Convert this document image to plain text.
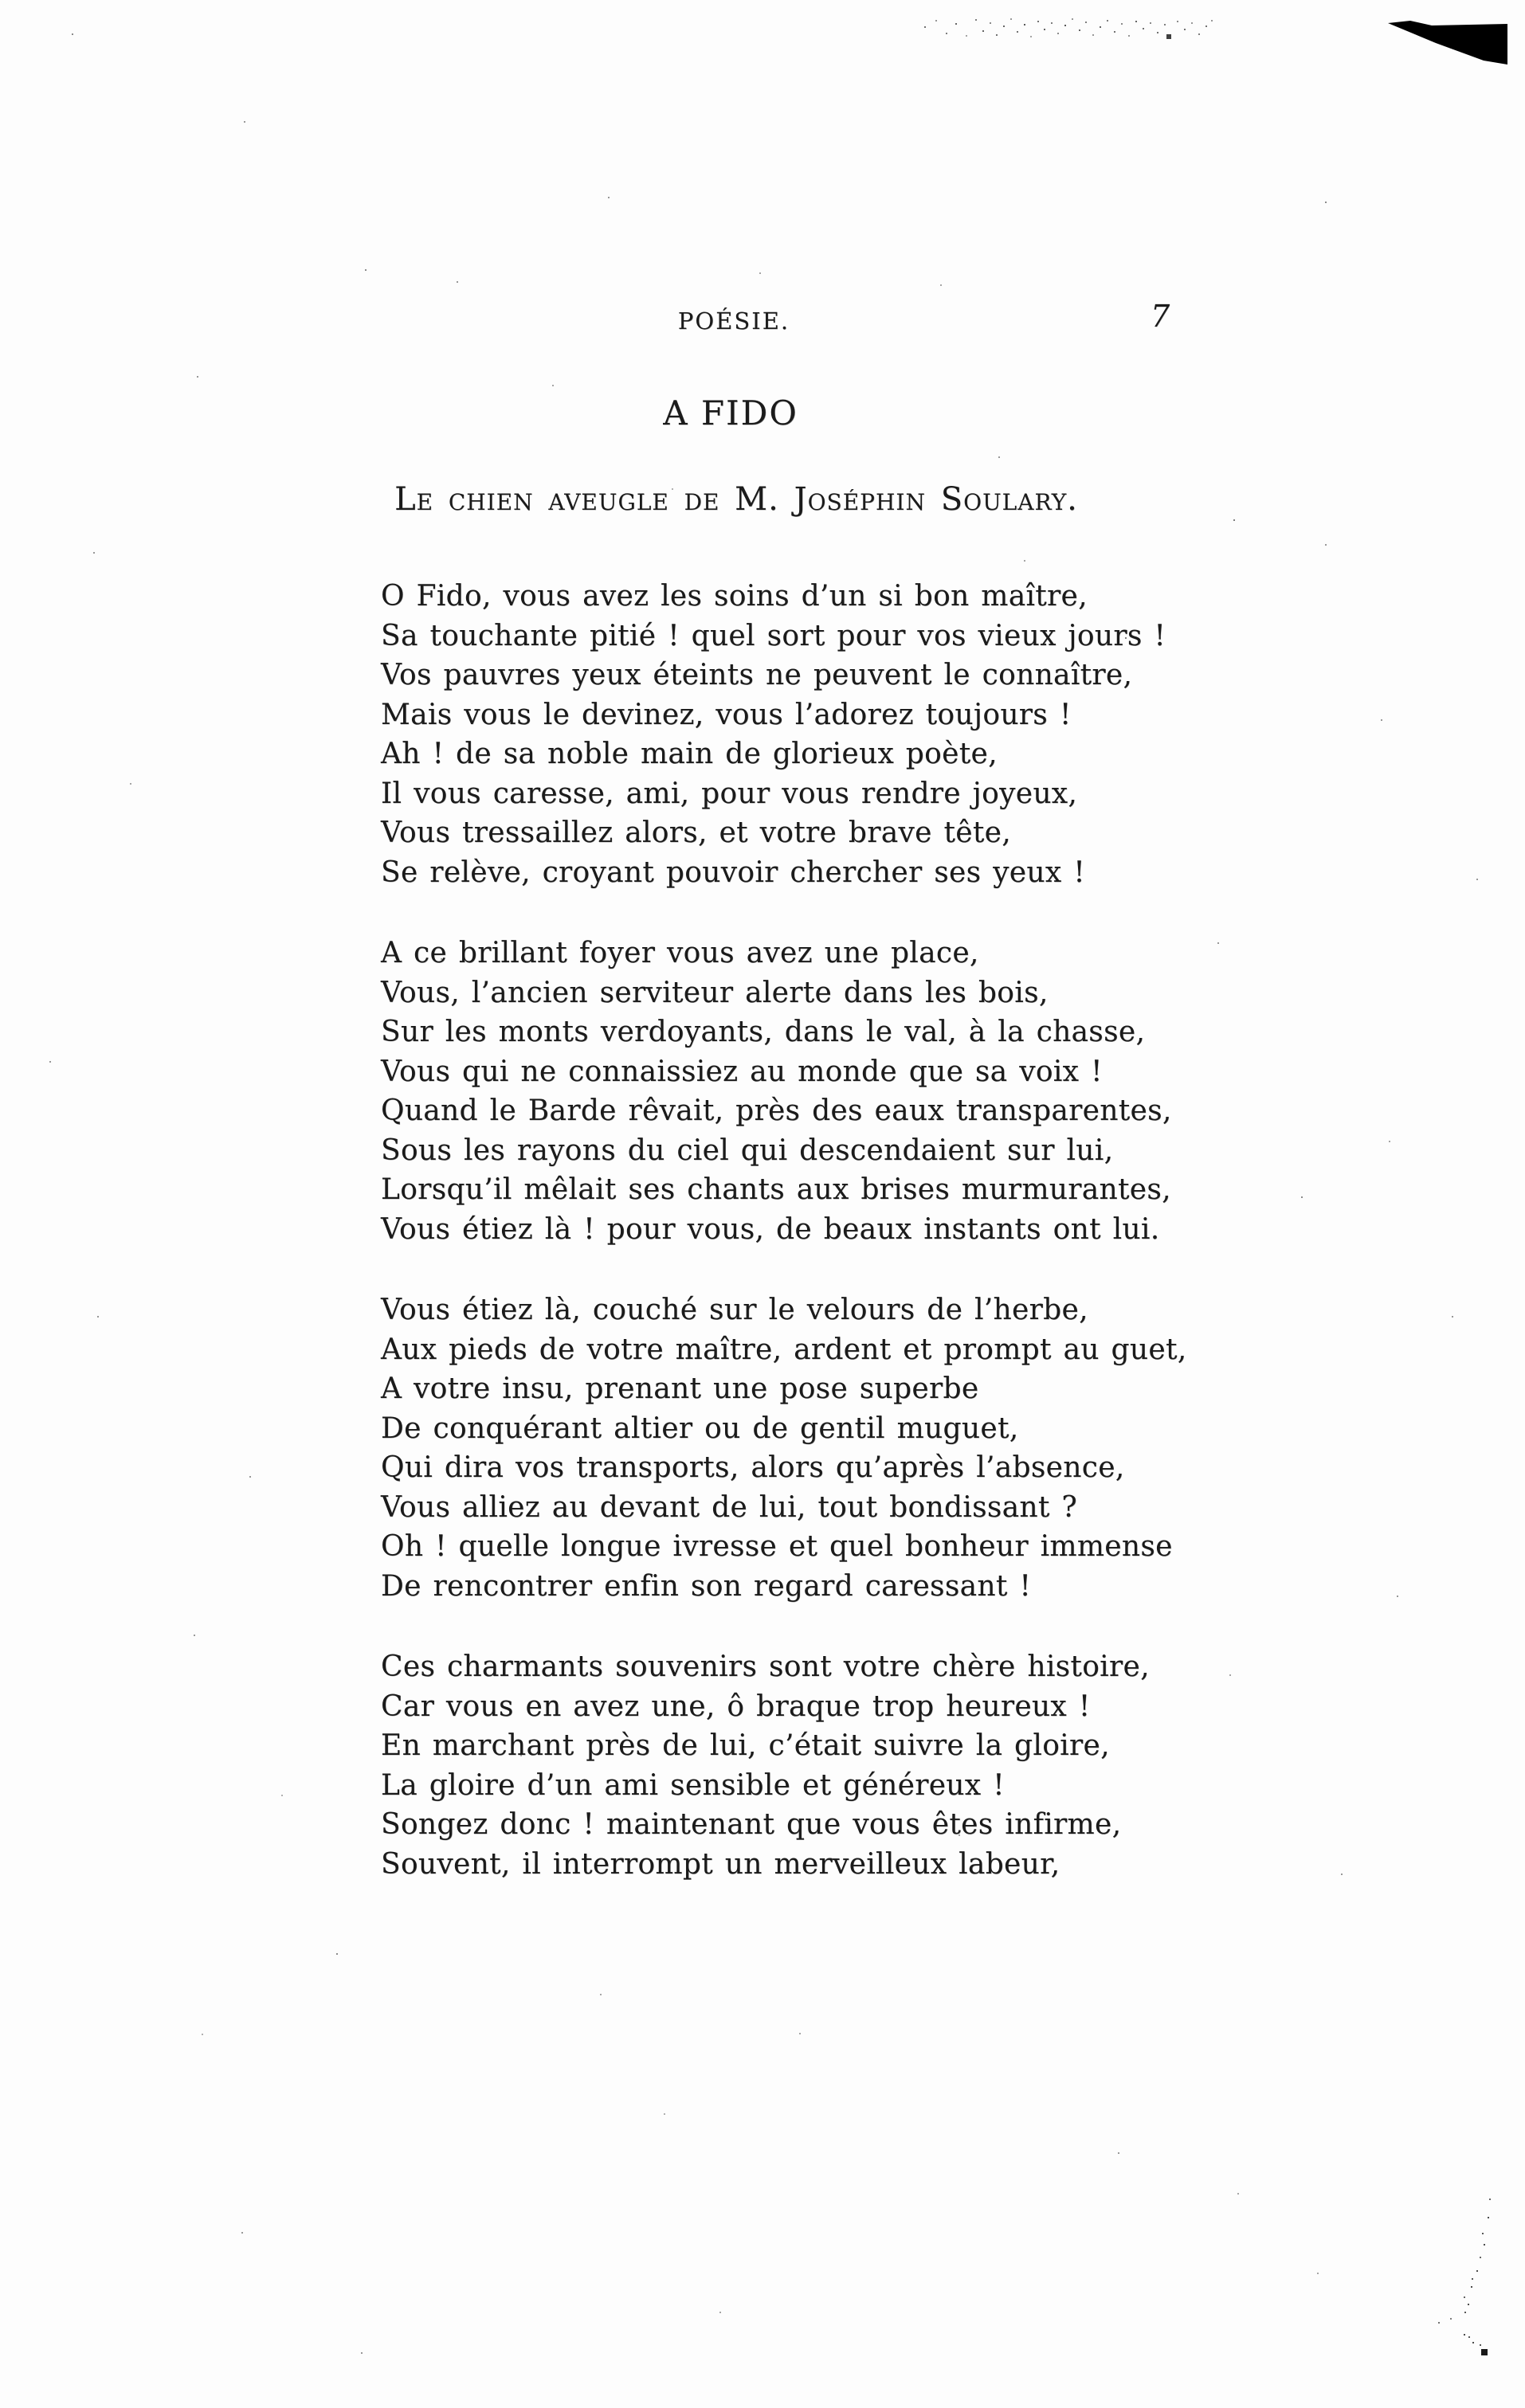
POÉSIE.	7
A FIDO
Le chien aveugle de M. Joséphin Soulary.
O Fido, vous avez les soins d’un si bon maître,
Sa touchante pitié ! quel sort pour vos vieux jours !
Vos pauvres yeux éteints ne peuvent le connaître,
Mais vous le devinez, vous l’adorez toujours !
Ah ! de sa noble main de glorieux poète,
Il vous caresse, ami, pour vous rendre joyeux,
Vous tressaillez alors, et votre brave tête,
Se relève, croyant pouvoir chercher ses yeux !
A ce brillant foyer vous avez une place,
Vous, l’ancien serviteur alerte dans les bois,
Sur les monts verdoyants, dans le val, à la chasse,
Vous qui ne connaissiez au monde que sa voix !
Quand le Barde rêvait, près des eaux transparentes,
Sous les rayons du ciel qui descendaient sur lui,
Lorsqu’il mêlait ses chants aux brises murmurantes,
Vous étiez là ! pour vous, de beaux instants ont lui.
Vous étiez là, couché sur le velours de l’herbe,
Aux pieds de votre maître, ardent et prompt au guet,
A votre insu, prenant une pose superbe
De conquérant altier ou de gentil muguet,
Qui dira vos transports, alors qu’après l’absence,
Vous alliez au devant de lui, tout bondissant ?
Oh ! quelle longue ivresse et quel bonheur immense
De rencontrer enfin son regard caressant !
Ces charmants souvenirs sont votre chère histoire,
Car vous en avez une, ô braque trop heureux !
En marchant près de lui, c’était suivre la gloire,
La gloire d’un ami sensible et généreux !
Songez donc ! maintenant que vous êtes infirme,
Souvent, il interrompt un merveilleux labeur,
